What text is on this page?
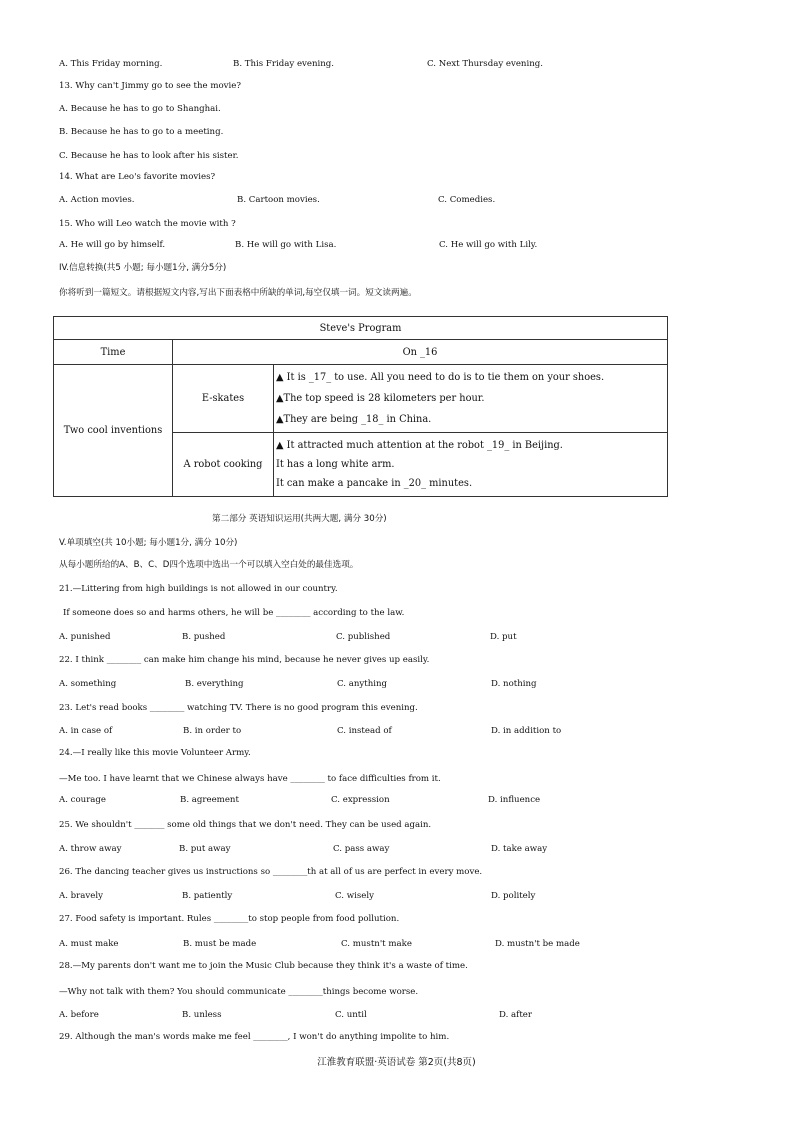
A. This Friday morning.	B. This Friday evening.	C. Next Thursday evening.
13. Why can't Jimmy go to see the movie?
A. Because he has to go to Shanghai.
B. Because he has to go to a meeting.
C. Because he has to look after his sister.
14. What are Leo's favorite movies?
A. Action movies.	B. Cartoon movies.	C. Comedies.
15. Who will Leo watch the movie with ?
A. He will go by himself.	B. He will go with Lisa.	C. He will go with Lily.
IV.信息转换(共5 小题; 每小题1分, 满分5分)
你将听到一篇短文。请根据短文内容,写出下面表格中所缺的单词,每空仅填一词。短文读两遍。
第二部分 英语知识运用(共两大题, 满分 30分)
V.单项填空(共 10小题; 每小题1分, 满分 10分)
从每小题所给的A、B、C、D四个选项中选出一个可以填入空白处的最佳选项。
21.—Littering from high buildings is not allowed in our country.
If someone does so and harms others, he will be ________ according to the law.
A. punished	B. pushed	C. published	D. put
22. I think ________ can make him change his mind, because he never gives up easily.
A. something	B. everything	C. anything	D. nothing
23. Let's read books ________ watching TV. There is no good program this evening.
A. in case of	B. in order to	C. instead of	D. in addition to
24.—I really like this movie Volunteer Army.
—Me too. I have learnt that we Chinese always have ________ to face difficulties from it.
A. courage	B. agreement	C. expression	D. influence
25. We shouldn't _______ some old things that we don't need. They can be used again.
A. throw away	B. put away	C. pass away	D. take away
26. The dancing teacher gives us instructions so ________th at all of us are perfect in every move.
A. bravely	B. patiently	C. wisely	D. politely
27. Food safety is important. Rules ________to stop people from food pollution.
A. must make	B. must be made	C. mustn't make	D. mustn't be made
28.—My parents don't want me to join the Music Club because they think it's a waste of time.
—Why not talk with them? You should communicate ________things become worse.
A. before	B. unless	C. until	D. after
29. Although the man's words make me feel ________, I won't do anything impolite to him.
Steve's Program		
Time	On _16	
Two cool inventions	E-skates	▲ It is _17_ to use. All you need to do is to tie them on your shoes.
▲The top speed is 28 kilometers per hour.
▲They are being _18_ in China.

	A robot cooking	▲ It attracted much attention at the robot _19_ in Beijing.
It has a long white arm.
It can make a pancake in _20_ minutes.
江淮教育联盟·英语试卷 第2页(共8页)
